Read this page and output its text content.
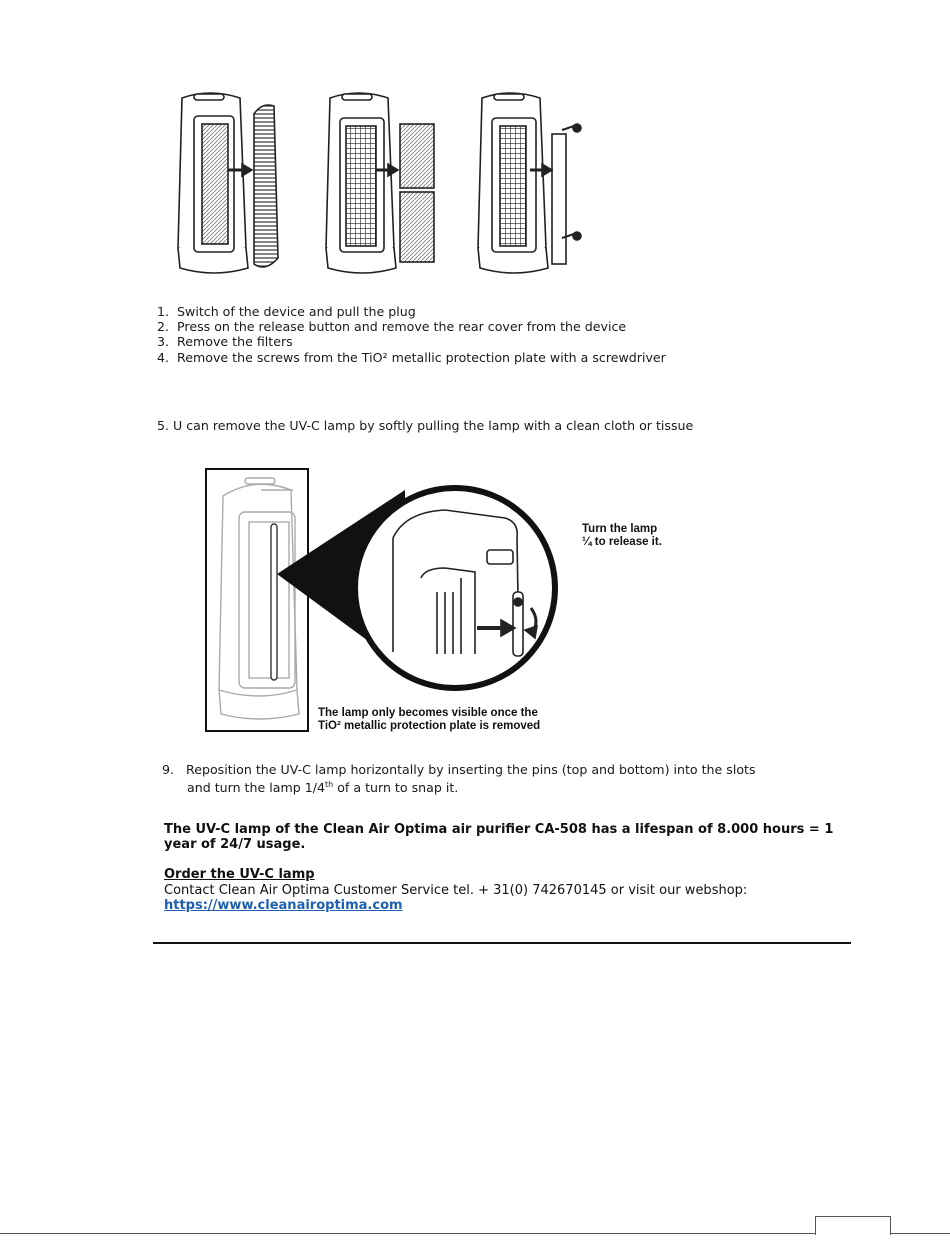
1. Switch of the device and pull the plug
2. Press on the release button and remove the rear cover from the device
3. Remove the filters
4. Remove the screws from the TiO² metallic protection plate with a screwdriver
5. U can remove the UV-C lamp by softly pulling the lamp with a clean cloth or tissue
Turn the lamp
¼ to release it.
The lamp only becomes visible once the
TiO² metallic protection plate is removed
9. Reposition the UV-C lamp horizontally by inserting the pins (top and bottom) into the slots
and turn the lamp 1/4th of a turn to snap it.
The UV-C lamp of the Clean Air Optima air purifier CA-508 has a lifespan of 8.000 hours = 1 year of 24/7 usage.
Order the UV-C lamp
Contact Clean Air Optima Customer Service tel. + 31(0) 742670145 or visit our webshop:
https://www.cleanairoptima.com
